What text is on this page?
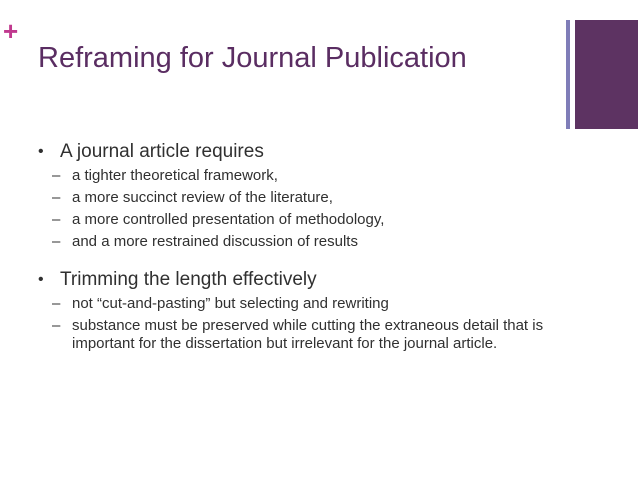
+
Reframing for Journal Publication
• A journal article requires
– a tighter theoretical framework,
– a more succinct review of the literature,
– a more controlled presentation of methodology,
– and a more restrained discussion of results
• Trimming the length effectively
– not “cut-and-pasting” but selecting and rewriting
– substance must be preserved while cutting the extraneous detail that is important for the dissertation but irrelevant for the journal article.
